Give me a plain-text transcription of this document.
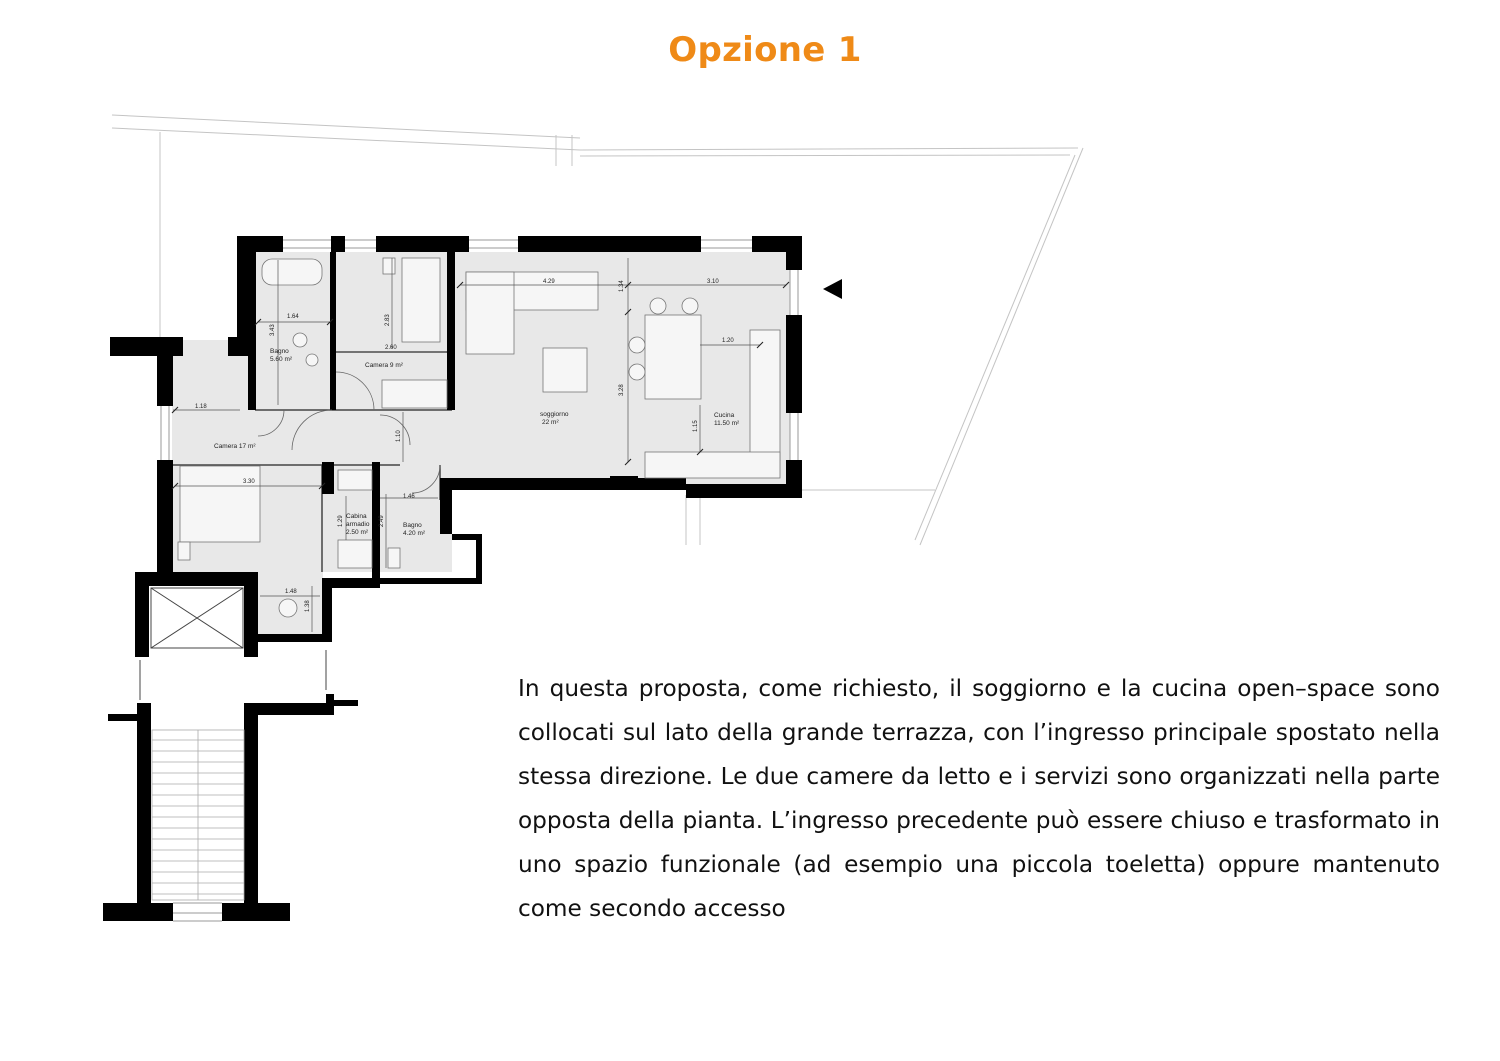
Opzione 1
Bagno
5.60 m²
Camera 9 m²
soggiorno
22 m²
Cucina
11.50 m²
Camera 17 m²
Cabina
armadio
2.50 m²
Bagno
4.20 m²
1.64
3.43
2.83
2.60
4.29	1.34	3.10
1.20
3.28
1.15
1.18
1.10
3.30
1.29	2.49
1.46
1.48
1.38

In questa proposta, come richiesto, il soggiorno e la cucina open–space sono collocati sul lato della grande terrazza, con l’ingresso principale spostato nella stessa direzione. Le due camere da letto e i servizi sono organizzati nella parte opposta della pianta. L’ingresso precedente può essere chiuso e trasformato in uno spazio funzionale (ad esempio una piccola toeletta) oppure mantenuto come secondo accesso
